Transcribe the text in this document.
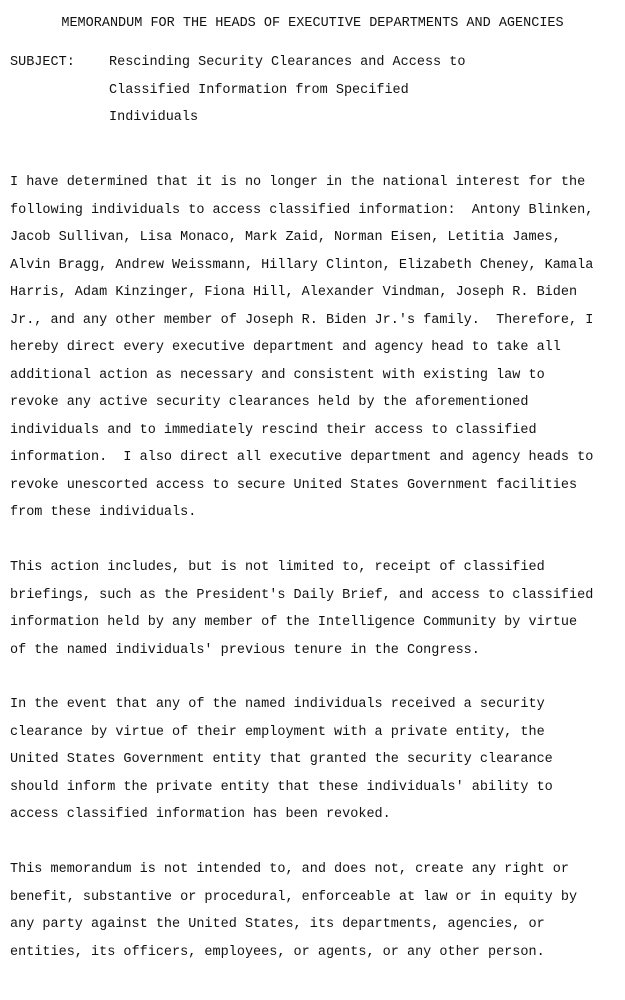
MEMORANDUM FOR THE HEADS OF EXECUTIVE DEPARTMENTS AND AGENCIES
SUBJECT:	Rescinding Security Clearances and Access to
Classified Information from Specified
Individuals
I have determined that it is no longer in the national interest for the
following individuals to access classified information:  Antony Blinken,
Jacob Sullivan, Lisa Monaco, Mark Zaid, Norman Eisen, Letitia James,
Alvin Bragg, Andrew Weissmann, Hillary Clinton, Elizabeth Cheney, Kamala
Harris, Adam Kinzinger, Fiona Hill, Alexander Vindman, Joseph R. Biden
Jr., and any other member of Joseph R. Biden Jr.'s family.  Therefore, I
hereby direct every executive department and agency head to take all
additional action as necessary and consistent with existing law to
revoke any active security clearances held by the aforementioned
individuals and to immediately rescind their access to classified
information.  I also direct all executive department and agency heads to
revoke unescorted access to secure United States Government facilities
from these individuals.
This action includes, but is not limited to, receipt of classified
briefings, such as the President's Daily Brief, and access to classified
information held by any member of the Intelligence Community by virtue
of the named individuals' previous tenure in the Congress.
In the event that any of the named individuals received a security
clearance by virtue of their employment with a private entity, the
United States Government entity that granted the security clearance
should inform the private entity that these individuals' ability to
access classified information has been revoked.
This memorandum is not intended to, and does not, create any right or
benefit, substantive or procedural, enforceable at law or in equity by
any party against the United States, its departments, agencies, or
entities, its officers, employees, or agents, or any other person.
